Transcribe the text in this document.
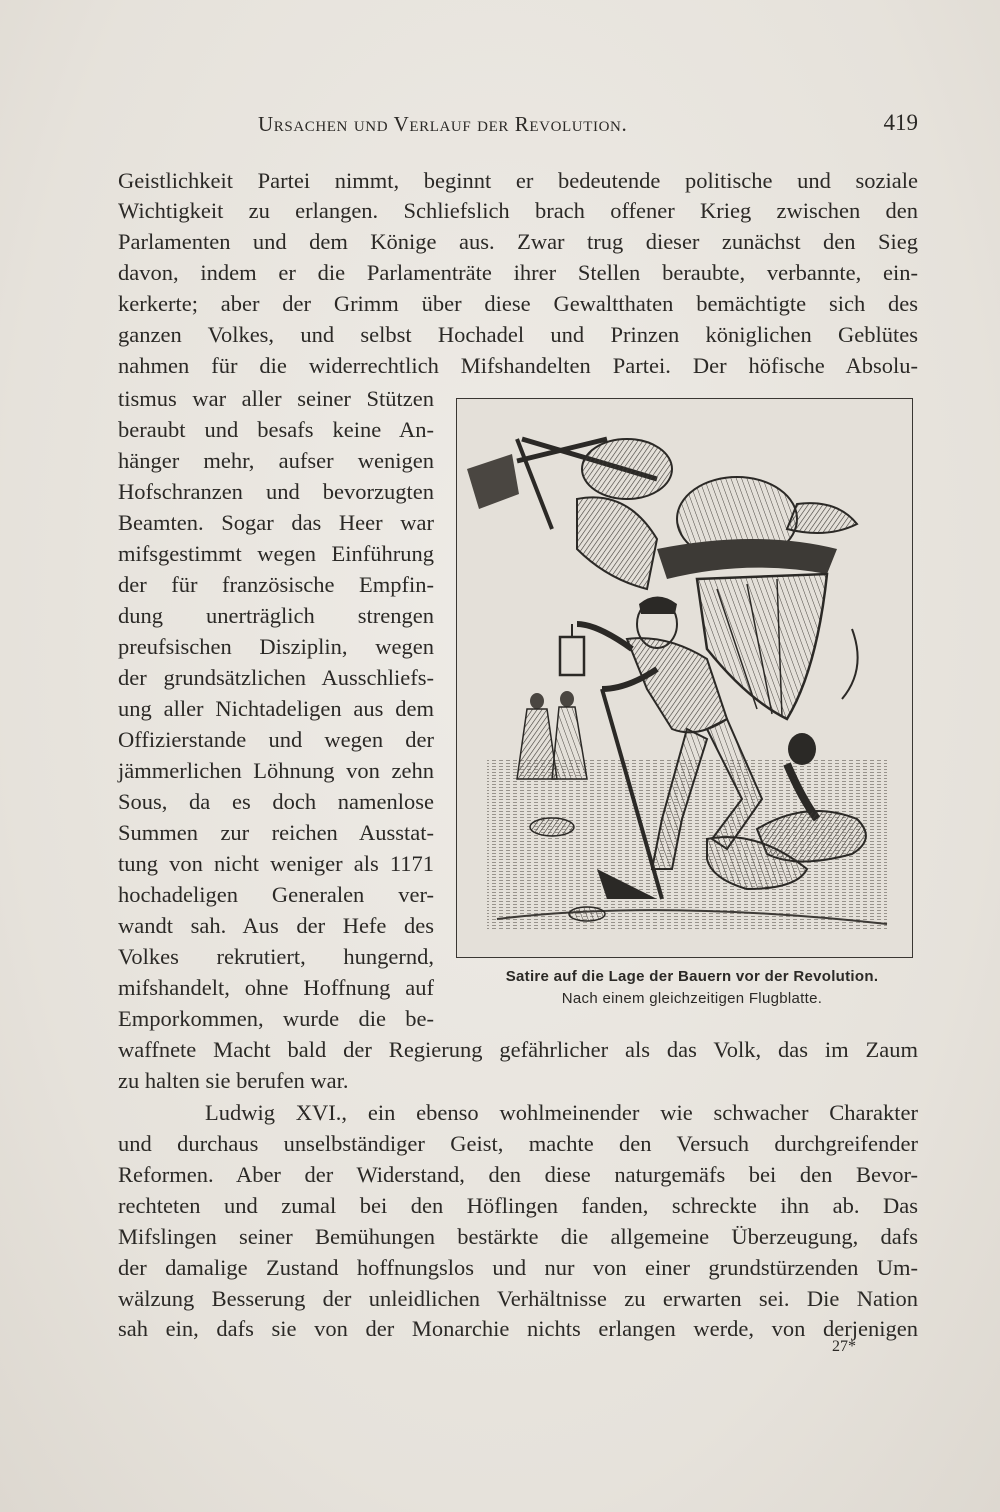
Ursachen und Verlauf der Revolution.	419
Geistlichkeit Partei nimmt, beginnt er bedeutende politische und soziale
Wichtigkeit zu erlangen. Schliefslich brach offener Krieg zwischen den
Parlamenten und dem Könige aus. Zwar trug dieser zunächst den Sieg
davon, indem er die Parlamenträte ihrer Stellen beraubte, verbannte, ein-
kerkerte; aber der Grimm über diese Gewaltthaten bemächtigte sich des
ganzen Volkes, und selbst Hochadel und Prinzen königlichen Geblütes
nahmen für die widerrechtlich Mifshandelten Partei. Der höfische Absolu-
tismus war aller seiner Stützen
beraubt und besafs keine An-
hänger mehr, aufser wenigen
Hofschranzen und bevorzugten
Beamten. Sogar das Heer war
mifsgestimmt wegen Einführung
der für französische Empfin-
dung unerträglich strengen
preufsischen Disziplin, wegen
der grundsätzlichen Ausschliefs-
ung aller Nichtadeligen aus dem
Offizierstande und wegen der
jämmerlichen Löhnung von zehn
Sous, da es doch namenlose
Summen zur reichen Ausstat-
tung von nicht weniger als 1171
hochadeligen Generalen ver-
wandt sah. Aus der Hefe des
Volkes rekrutiert, hungernd,
mifshandelt, ohne Hoffnung auf
Emporkommen, wurde die be-
Satire auf die Lage der Bauern vor der Revolution.
Nach einem gleichzeitigen Flugblatte.
waffnete Macht bald der Regierung gefährlicher als das Volk, das im Zaum
zu halten sie berufen war.
Ludwig XVI., ein ebenso wohlmeinender wie schwacher Charakter
und durchaus unselbständiger Geist, machte den Versuch durchgreifender
Reformen. Aber der Widerstand, den diese naturgemäfs bei den Bevor-
rechteten und zumal bei den Höflingen fanden, schreckte ihn ab. Das
Mifslingen seiner Bemühungen bestärkte die allgemeine Überzeugung, dafs
der damalige Zustand hoffnungslos und nur von einer grundstürzenden Um-
wälzung Besserung der unleidlichen Verhältnisse zu erwarten sei. Die Nation
sah ein, dafs sie von der Monarchie nichts erlangen werde, von derjenigen
27*
